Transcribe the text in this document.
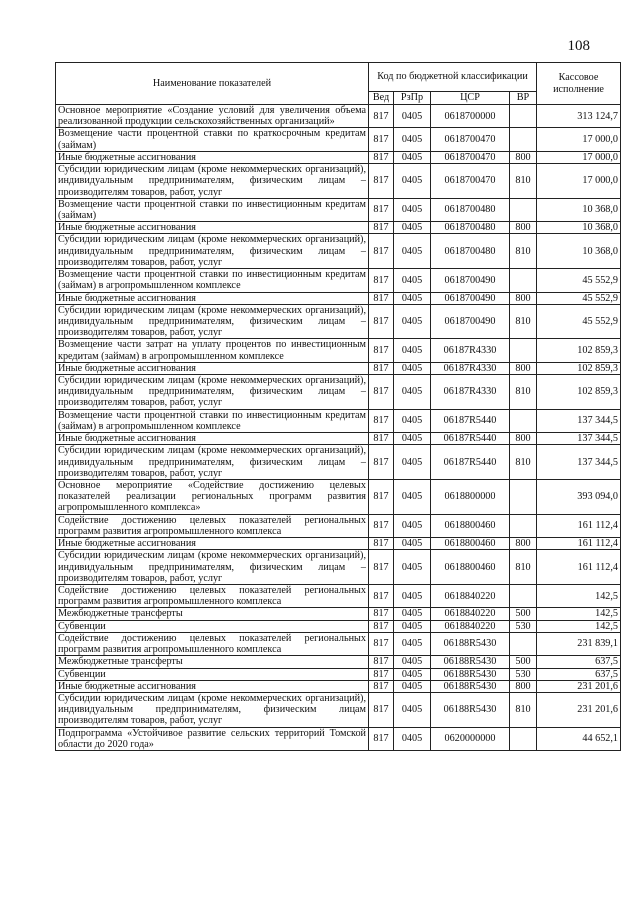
108
Наименование показателей	Код по бюджетной классификации				Кассовое исполнение
	Вед	РзПр	ЦСР	ВР	
Основное мероприятие «Создание условий для увеличения объема реализованной продукции сельскохозяйственных организаций»	817	0405	0618700000		313 124,7
Возмещение части процентной ставки по краткосрочным кредитам (займам)	817	0405	0618700470		17 000,0
Иные бюджетные ассигнования	817	0405	0618700470	800	17 000,0
Субсидии юридическим лицам (кроме некоммерческих организаций), индивидуальным предпринимателям, физическим лицам – производителям товаров, работ, услуг	817	0405	0618700470	810	17 000,0
Возмещение части процентной ставки по инвестиционным кредитам (займам)	817	0405	0618700480		10 368,0
Иные бюджетные ассигнования	817	0405	0618700480	800	10 368,0
Субсидии юридическим лицам (кроме некоммерческих организаций), индивидуальным предпринимателям, физическим лицам – производителям товаров, работ, услуг	817	0405	0618700480	810	10 368,0
Возмещение части процентной ставки по инвестиционным кредитам (займам) в агропромышленном комплексе	817	0405	0618700490		45 552,9
Иные бюджетные ассигнования	817	0405	0618700490	800	45 552,9
Субсидии юридическим лицам (кроме некоммерческих организаций), индивидуальным предпринимателям, физическим лицам – производителям товаров, работ, услуг	817	0405	0618700490	810	45 552,9
Возмещение части затрат на уплату процентов по инвестиционным кредитам (займам) в агропромышленном комплексе	817	0405	06187R4330		102 859,3
Иные бюджетные ассигнования	817	0405	06187R4330	800	102 859,3
Субсидии юридическим лицам (кроме некоммерческих организаций), индивидуальным предпринимателям, физическим лицам – производителям товаров, работ, услуг	817	0405	06187R4330	810	102 859,3
Возмещение части процентной ставки по инвестиционным кредитам (займам) в агропромышленном комплексе	817	0405	06187R5440		137 344,5
Иные бюджетные ассигнования	817	0405	06187R5440	800	137 344,5
Субсидии юридическим лицам (кроме некоммерческих организаций), индивидуальным предпринимателям, физическим лицам – производителям товаров, работ, услуг	817	0405	06187R5440	810	137 344,5
Основное мероприятие «Содействие достижению целевых показателей реализации региональных программ развития агропромышленного комплекса»	817	0405	0618800000		393 094,0
Содействие достижению целевых показателей региональных программ развития агропромышленного комплекса	817	0405	0618800460		161 112,4
Иные бюджетные ассигнования	817	0405	0618800460	800	161 112,4
Субсидии юридическим лицам (кроме некоммерческих организаций), индивидуальным предпринимателям, физическим лицам – производителям товаров, работ, услуг	817	0405	0618800460	810	161 112,4
Содействие достижению целевых показателей региональных программ развития агропромышленного комплекса	817	0405	0618840220		142,5
Межбюджетные трансферты	817	0405	0618840220	500	142,5
Субвенции	817	0405	0618840220	530	142,5
Содействие достижению целевых показателей региональных программ развития агропромышленного комплекса	817	0405	06188R5430		231 839,1
Межбюджетные трансферты	817	0405	06188R5430	500	637,5
Субвенции	817	0405	06188R5430	530	637,5
Иные бюджетные ассигнования	817	0405	06188R5430	800	231 201,6
Субсидии юридическим лицам (кроме некоммерческих организаций), индивидуальным предпринимателям, физическим лицам производителям товаров, работ, услуг	817	0405	06188R5430	810	231 201,6
Подпрограмма «Устойчивое развитие сельских территорий Томской области до 2020 года»	817	0405	0620000000		44 652,1
